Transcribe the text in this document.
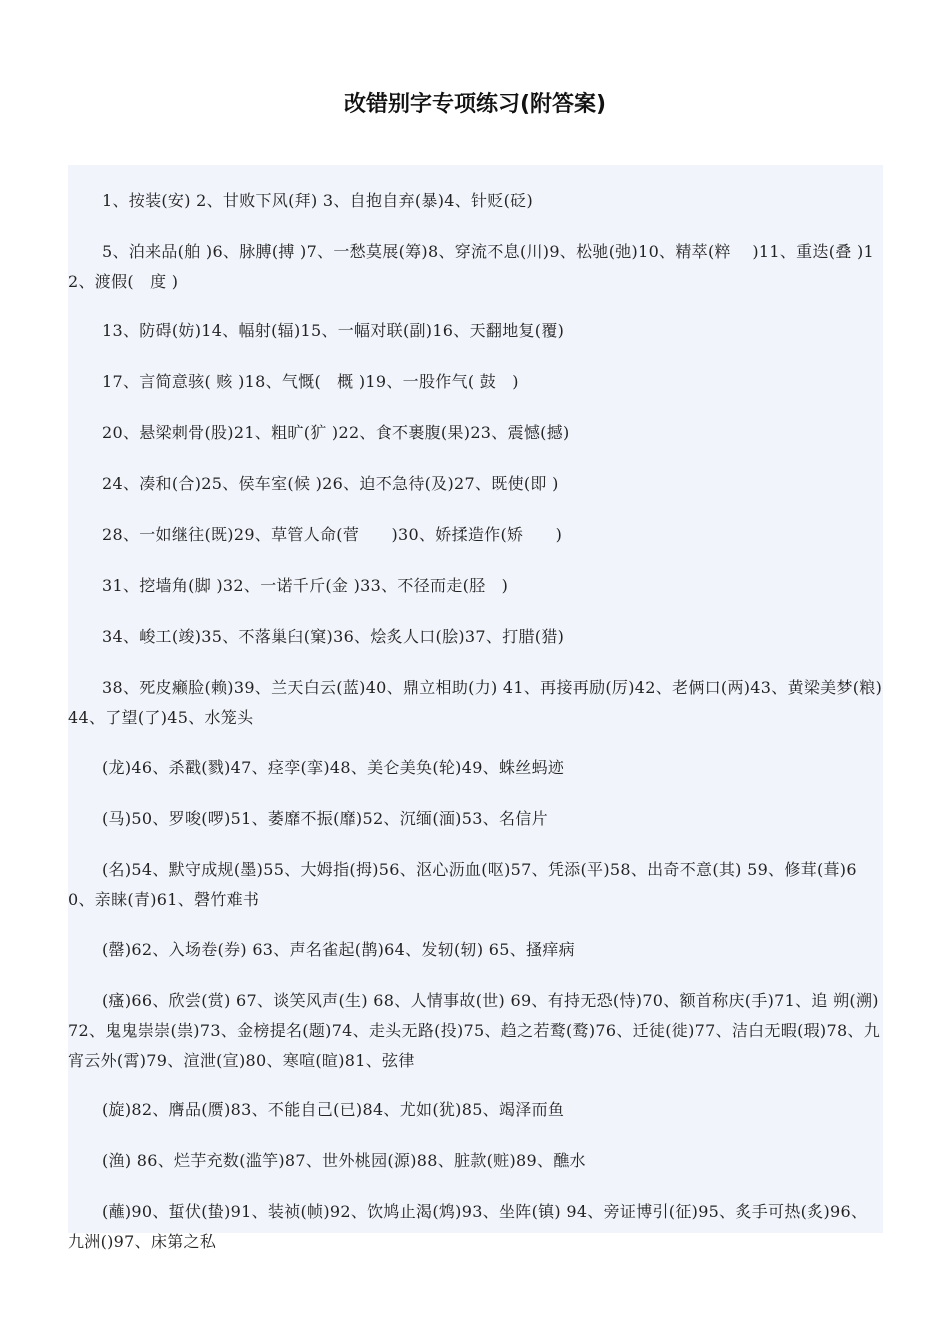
改错别字专项练习(附答案)

1、按装(安) 2、甘败下风(拜) 3、自抱自弃(暴)4、针贬(砭)

5、泊来品(舶 )6、脉膊(搏 )7、一愁莫展(筹)8、穿流不息(川)9、松驰(弛)10、精萃(粹    )11、重迭(叠 )12、渡假(   度 )

13、防碍(妨)14、幅射(辐)15、一幅对联(副)16、天翻地复(覆)

17、言简意骇( 赅 )18、气慨(   概 )19、一股作气( 鼓   )

20、悬梁刺骨(股)21、粗旷(犷 )22、食不裹腹(果)23、震憾(撼)

24、凑和(合)25、侯车室(候 )26、迫不急待(及)27、既使(即 )

28、一如继往(既)29、草管人命(菅      )30、娇揉造作(矫      )

31、挖墙角(脚 )32、一诺千斤(金 )33、不径而走(胫   )

34、峻工(竣)35、不落巢臼(窠)36、烩炙人口(脍)37、打腊(猎)

38、死皮癞脸(赖)39、兰天白云(蓝)40、鼎立相助(力) 41、再接再励(厉)42、老俩口(两)43、黄梁美梦(粮)44、了望(了)45、水笼头

(龙)46、杀戳(戮)47、痉孪(挛)48、美仑美奂(轮)49、蛛丝蚂迹

(马)50、罗唆(啰)51、萎靡不振(靡)52、沉缅(湎)53、名信片

(名)54、默守成规(墨)55、大姆指(拇)56、沤心沥血(呕)57、凭添(平)58、出奇不意(其) 59、修茸(葺)60、亲睐(青)61、磬竹难书

(罄)62、入场卷(券) 63、声名雀起(鹊)64、发轫(轫) 65、搔痒病

(瘙)66、欣尝(赏) 67、谈笑风声(生) 68、人情事故(世) 69、有持无恐(恃)70、额首称庆(手)71、追 朔(溯)72、鬼鬼崇崇(祟)73、金榜提名(题)74、走头无路(投)75、趋之若鹜(鹜)76、迁徒(徙)77、洁白无暇(瑕)78、九宵云外(霄)79、渲泄(宣)80、寒喧(暄)81、弦律

(旋)82、膺品(赝)83、不能自己(已)84、尤如(犹)85、竭泽而鱼

(渔) 86、烂芋充数(滥竽)87、世外桃园(源)88、脏款(赃)89、醮水

(蘸)90、蜇伏(蛰)91、装祯(帧)92、饮鸠止渴(鸩)93、坐阵(镇) 94、旁证博引(征)95、炙手可热(炙)96、九洲()97、床第之私
